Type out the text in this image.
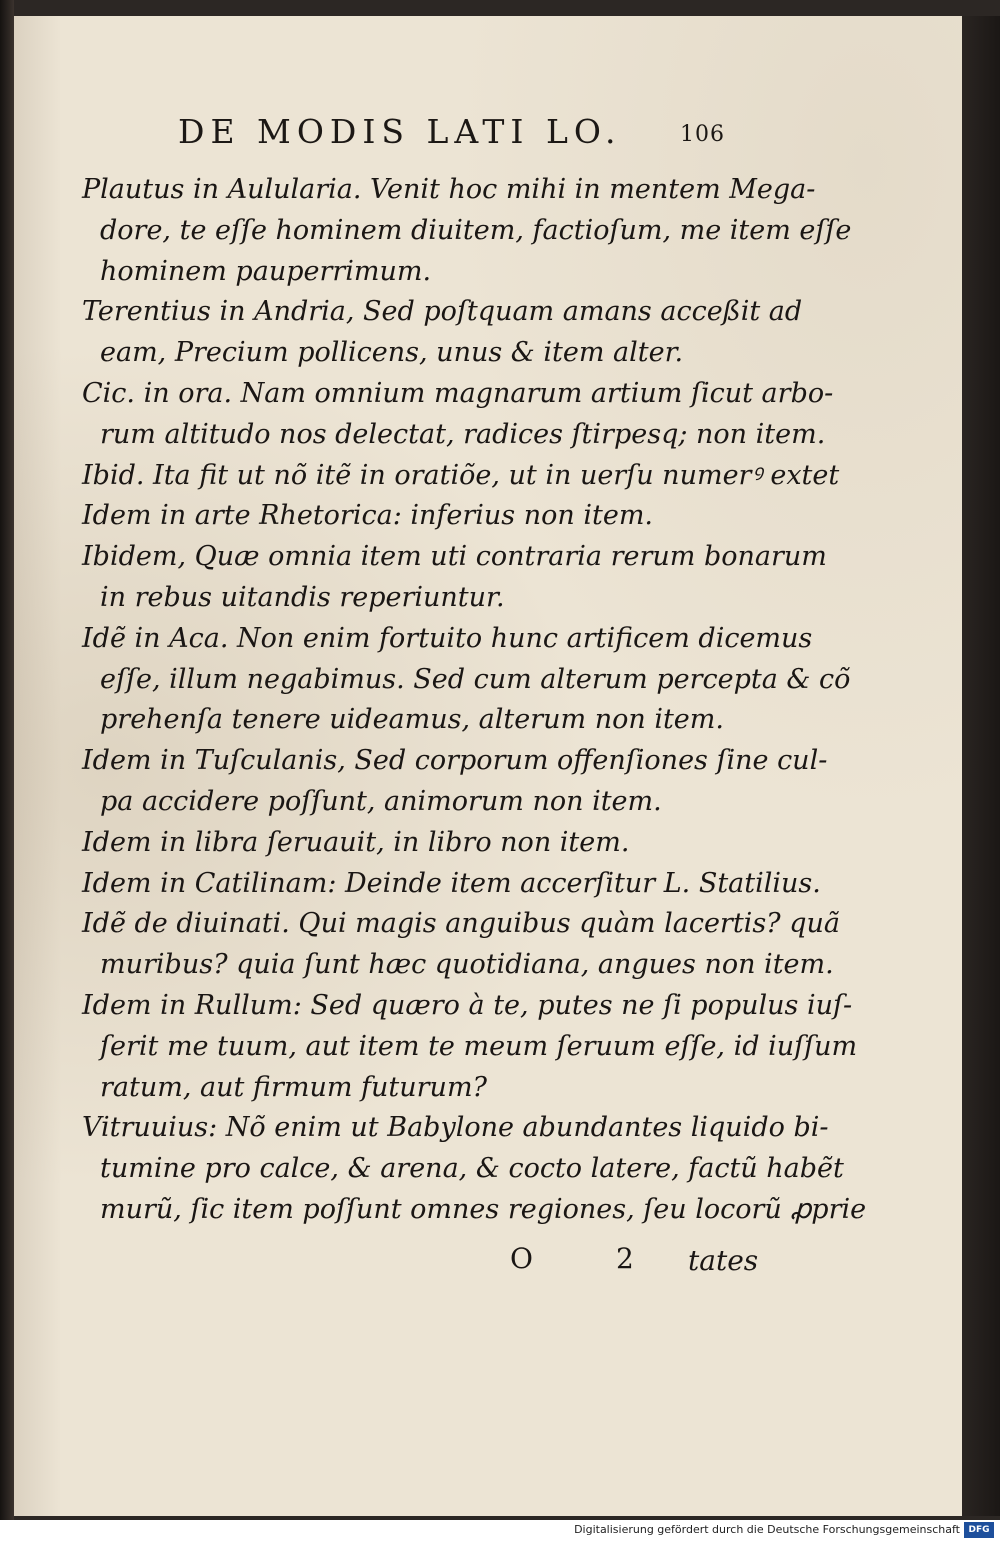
DE MODIS LATI LO.	106
Plautus in Aulularia. Venit hoc mihi in mentem Mega-
dore, te eſſe hominem diuitem, factioſum, me item eſſe
hominem pauperrimum.
Terentius in Andria, Sed poſtquam amans acceßit ad
eam, Precium pollicens, unus & item alter.
Cic. in ora. Nam omnium magnarum artium ſicut arbo-
rum altitudo nos delectat, radices ſtirpesq; non item.
Ibid. Ita fit ut nõ itẽ in oratiõe, ut in uerſu numerꝰ extet
Idem in arte Rhetorica: inferius non item.
Ibidem, Quæ omnia item uti contraria rerum bonarum
in rebus uitandis reperiuntur.
Idẽ in Aca. Non enim fortuito hunc artificem dicemus
eſſe, illum negabimus. Sed cum alterum percepta & cõ
prehenſa tenere uideamus, alterum non item.
Idem in Tuſculanis, Sed corporum offenſiones ſine cul-
pa accidere poſſunt, animorum non item.
Idem in libra ſeruauit, in libro non item.
Idem in Catilinam: Deinde item accerſitur L. Statilius.
Idẽ de diuinati. Qui magis anguibus quàm lacertis? quã
muribus? quia ſunt hæc quotidiana, angues non item.
Idem in Rullum: Sed quæro à te, putes ne ſi populus iuſ-
ſerit me tuum, aut item te meum ſeruum eſſe, id iuſſum
ratum, aut firmum futurum?
Vitruuius: Nõ enim ut Babylone abundantes liquido bi-
tumine pro calce, & arena, & cocto latere, factũ habẽt
murũ, ſic item poſſunt omnes regiones, ſeu locorũ ꝓprie
O	2 tates
Digitalisierung gefördert durch die Deutsche Forschungsgemeinschaft DFG
